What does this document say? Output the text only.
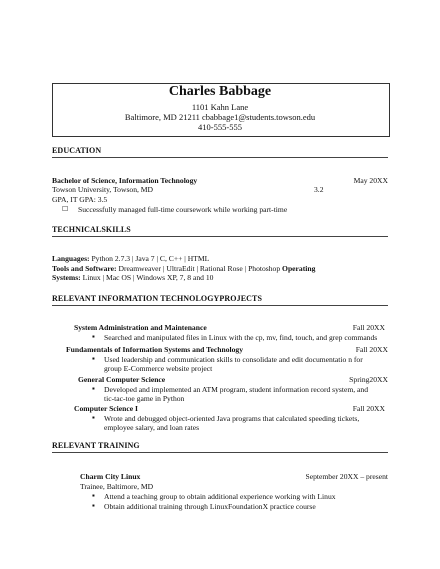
Charles Babbage
1101 Kahn Lane
Baltimore, MD 21211 cbabbage1@students.towson.edu
410-555-555
EDUCATION
Bachelor of Science, Information Technology	May 20XX
Towson University, Towson, MD	3.2
GPA, IT GPA: 3.5
☐ Successfully managed full-time coursework while working part-time
TECHNICALSKILLS
Languages: Python 2.7.3 | Java 7 | C, C++ | HTML
Tools and Software: Dreamweaver | UltraEdit | Rational Rose | Photoshop Operating
Systems: Linux | Mac OS | Windows XP, 7, 8 and 10
RELEVANT INFORMATION TECHNOLOGYPROJECTS
System Administration and Maintenance	Fall 20XX
▪ Searched and manipulated files in Linux with the cp, mv, find, touch, and grep commands
Fundamentals of Information Systems and Technology	Fall 20XX
▪ Used leadership and communication skills to consolidate and edit documentatio n for
group E-Commerce website project
General Computer Science	Spring20XX
▪ Developed and implemented an ATM program, student information record system, and
tic-tac-toe game in Python
Computer Science I	Fall 20XX
▪ Wrote and debugged object-oriented Java programs that calculated speeding tickets,
employee salary, and loan rates
RELEVANT TRAINING
Charm City Linux	September 20XX – present
Trainee, Baltimore, MD
▪ Attend a teaching group to obtain additional experience working with Linux
▪ Obtain additional training through LinuxFoundationX practice course
